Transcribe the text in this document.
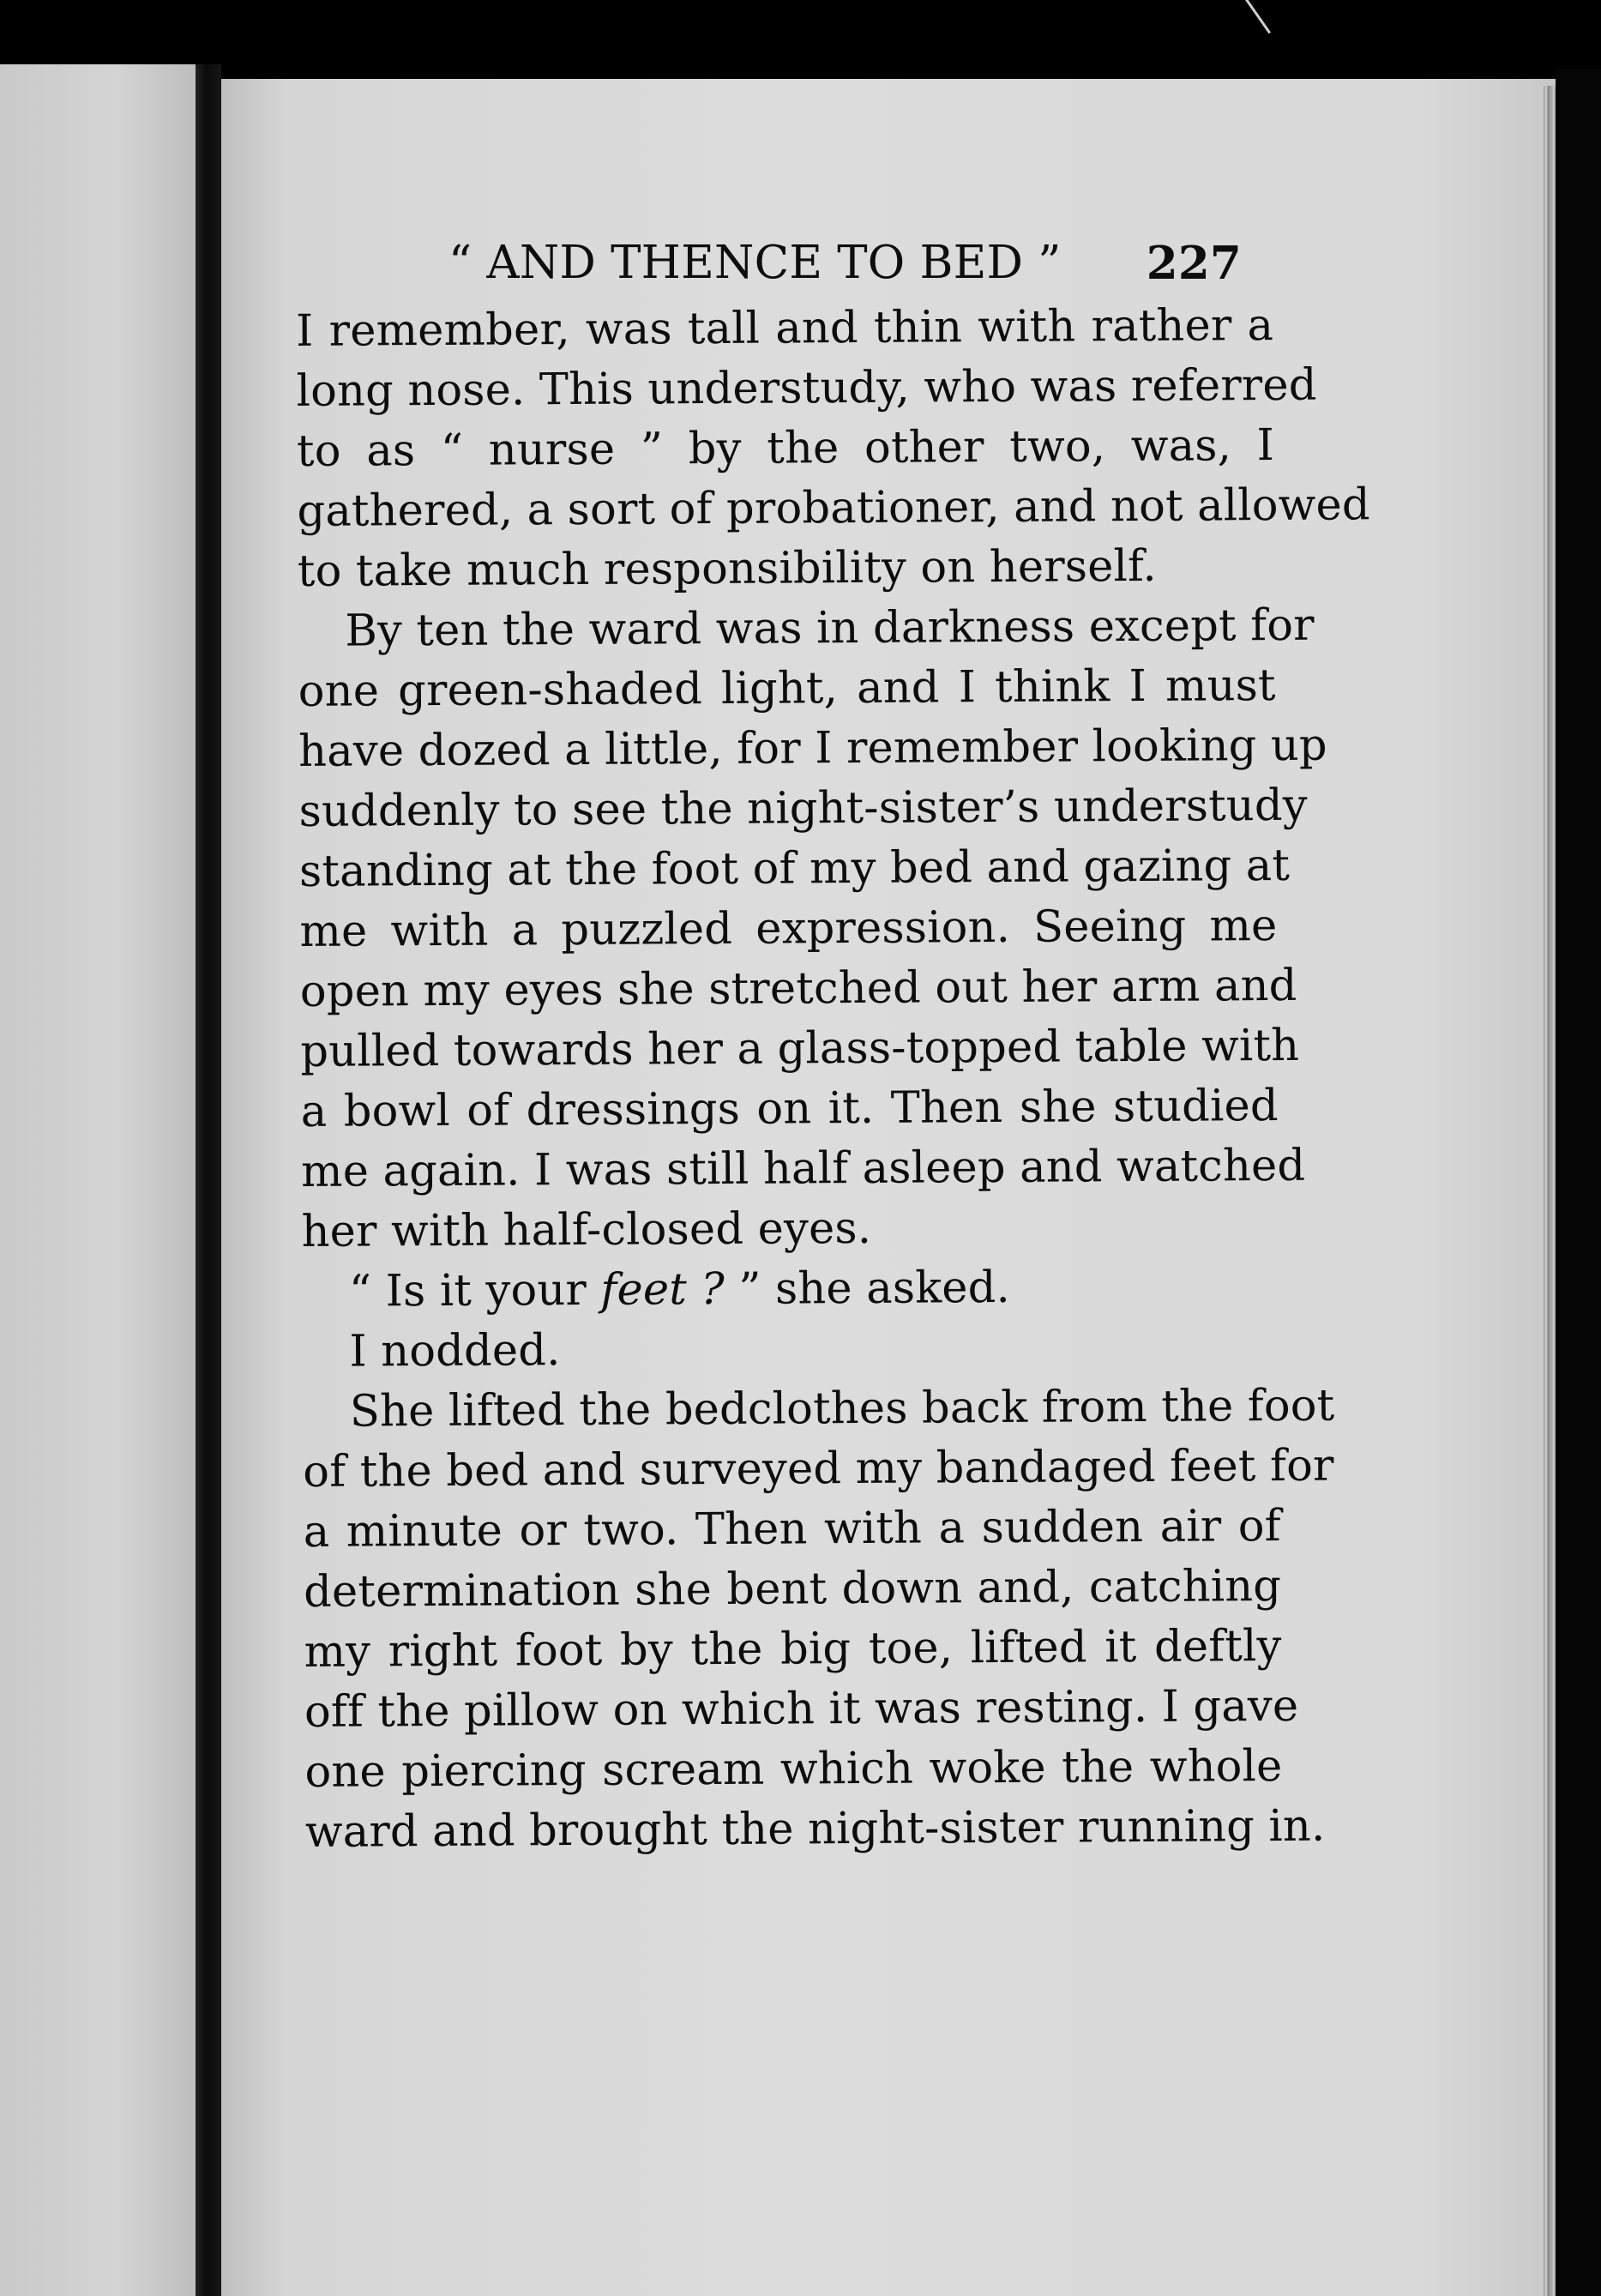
“ AND THENCE TO BED ” 227
I remember, was tall and thin with rather a
long nose. This understudy, who was referred
to as “ nurse ” by the other two, was, I
gathered, a sort of probationer, and not allowed
to take much responsibility on herself.
By ten the ward was in darkness except for
one green-shaded light, and I think I must
have dozed a little, for I remember looking up
suddenly to see the night-sister’s understudy
standing at the foot of my bed and gazing at
me with a puzzled expression. Seeing me
open my eyes she stretched out her arm and
pulled towards her a glass-topped table with
a bowl of dressings on it. Then she studied
me again. I was still half asleep and watched
her with half-closed eyes.
“ Is it your feet ? ” she asked.
I nodded.
She lifted the bedclothes back from the foot
of the bed and surveyed my bandaged feet for
a minute or two. Then with a sudden air of
determination she bent down and, catching
my right foot by the big toe, lifted it deftly
off the pillow on which it was resting. I gave
one piercing scream which woke the whole
ward and brought the night-sister running in.
